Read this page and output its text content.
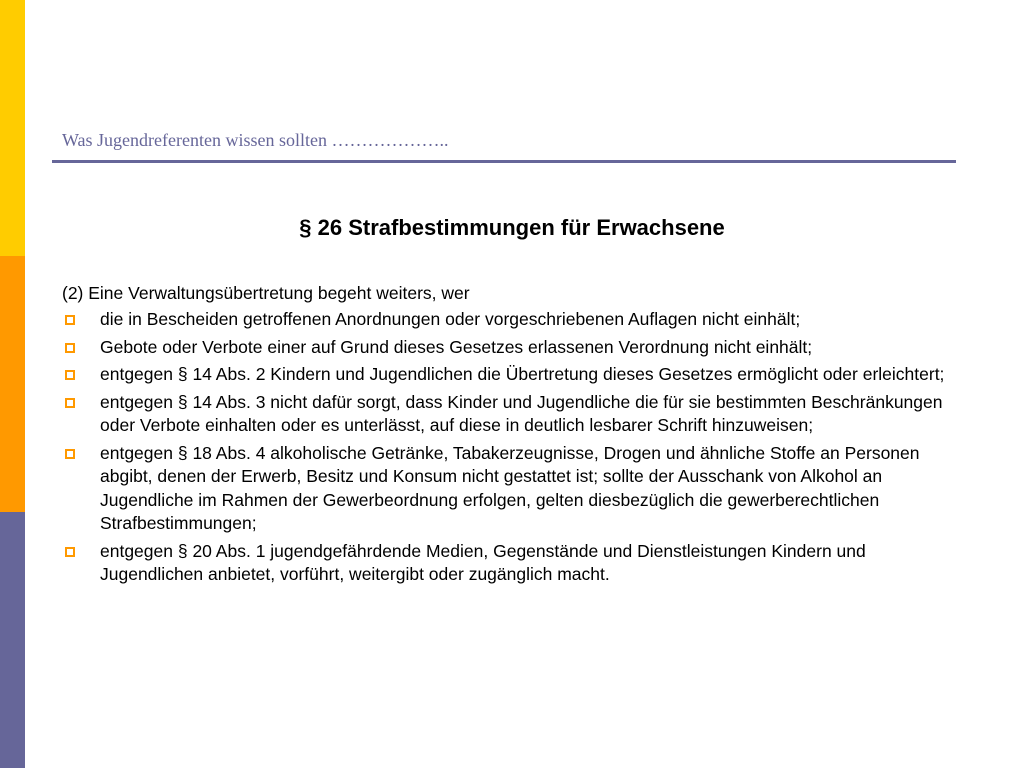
Was Jugendreferenten wissen sollten ………………..
§ 26 Strafbestimmungen für Erwachsene
(2) Eine Verwaltungsübertretung begeht weiters, wer
die in Bescheiden getroffenen Anordnungen oder vorgeschriebenen Auflagen nicht einhält;
Gebote oder Verbote einer auf Grund dieses Gesetzes erlassenen Verordnung nicht einhält;
entgegen § 14 Abs. 2 Kindern und Jugendlichen die Übertretung dieses Gesetzes ermöglicht oder erleichtert;
entgegen § 14 Abs. 3 nicht dafür sorgt, dass Kinder und Jugendliche die für sie bestimmten Beschränkungen oder Verbote einhalten oder es unterlässt, auf diese in deutlich lesbarer Schrift hinzuweisen;
entgegen § 18 Abs. 4 alkoholische Getränke, Tabakerzeugnisse, Drogen und ähnliche Stoffe an Personen abgibt, denen der Erwerb, Besitz und Konsum nicht gestattet ist; sollte der Ausschank von Alkohol an Jugendliche im Rahmen der Gewerbeordnung erfolgen, gelten diesbezüglich die gewerberechtlichen Strafbestimmungen;
entgegen § 20 Abs. 1 jugendgefährdende Medien, Gegenstände und Dienstleistungen Kindern und Jugendlichen anbietet, vorführt, weitergibt oder zugänglich macht.
